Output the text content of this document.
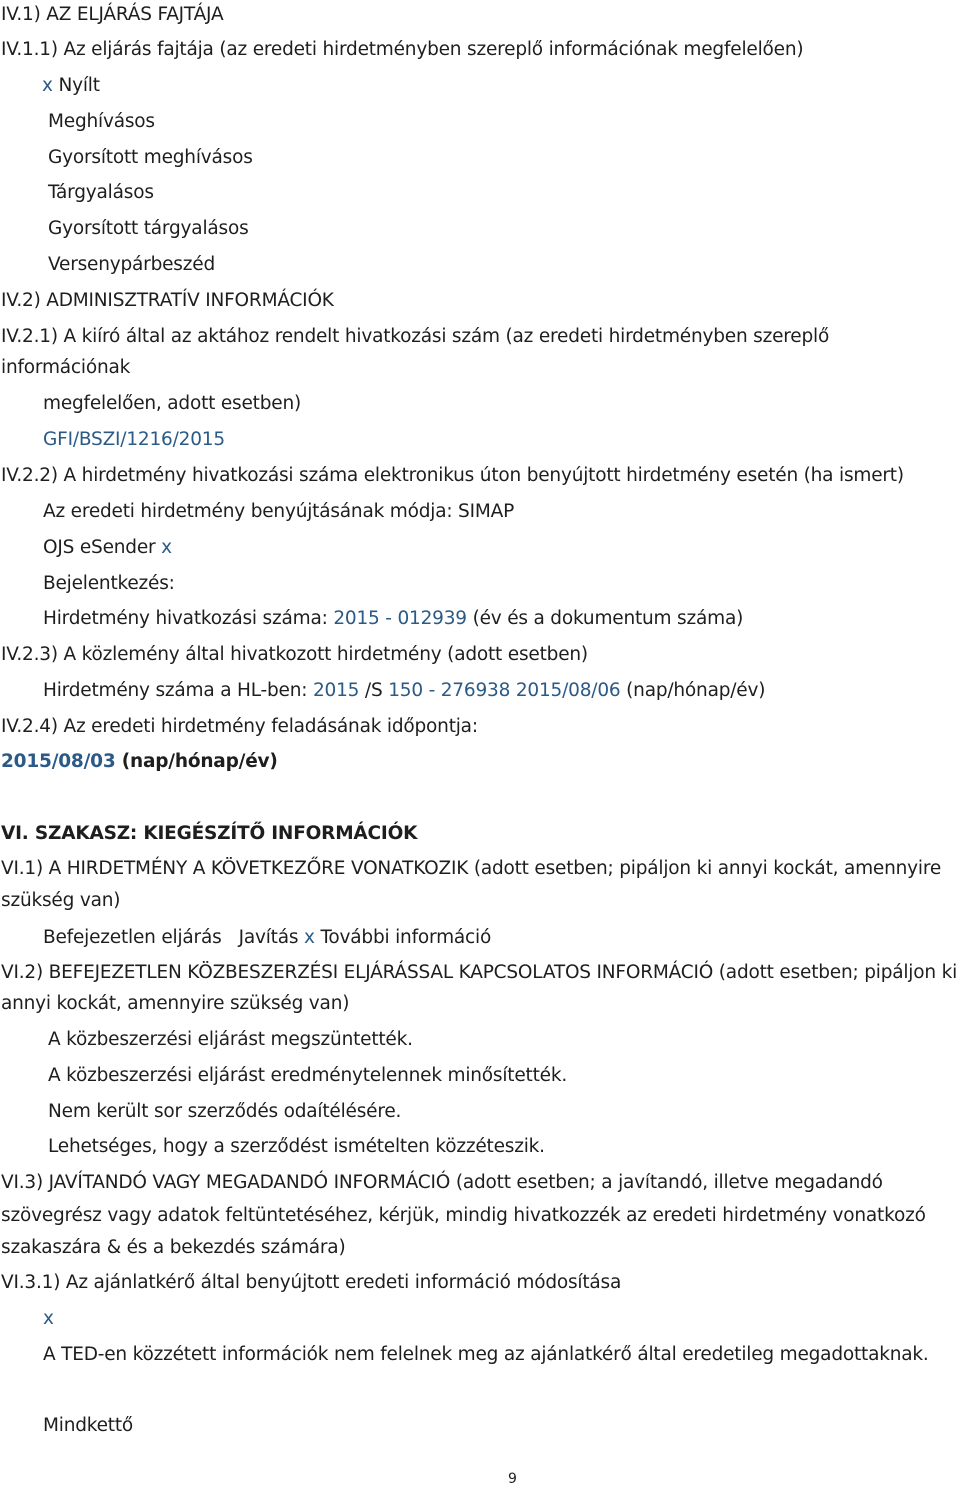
IV.1) AZ ELJÁRÁS FAJTÁJA
IV.1.1) Az eljárás fajtája (az eredeti hirdetményben szereplő információnak megfelelően)
x Nyílt
Meghívásos
Gyorsított meghívásos
Tárgyalásos
Gyorsított tárgyalásos
Versenypárbeszéd
IV.2) ADMINISZTRATÍV INFORMÁCIÓK
IV.2.1) A kiíró által az aktához rendelt hivatkozási szám (az eredeti hirdetményben szereplő
információnak
megfelelően, adott esetben)
GFI/BSZI/1216/2015
IV.2.2) A hirdetmény hivatkozási száma elektronikus úton benyújtott hirdetmény esetén (ha ismert)
Az eredeti hirdetmény benyújtásának módja: SIMAP
OJS eSender x
Bejelentkezés:
Hirdetmény hivatkozási száma: 2015 - 012939 (év és a dokumentum száma)
IV.2.3) A közlemény által hivatkozott hirdetmény (adott esetben)
Hirdetmény száma a HL-ben: 2015 /S 150 - 276938 2015/08/06 (nap/hónap/év)
IV.2.4) Az eredeti hirdetmény feladásának időpontja:
2015/08/03 (nap/hónap/év)
VI. SZAKASZ: KIEGÉSZÍTŐ INFORMÁCIÓK
VI.1) A HIRDETMÉNY A KÖVETKEZŐRE VONATKOZIK (adott esetben; pipáljon ki annyi kockát, amennyire
szükség van)
Befejezetlen eljárás Javítás x További információ
VI.2) BEFEJEZETLEN KÖZBESZERZÉSI ELJÁRÁSSAL KAPCSOLATOS INFORMÁCIÓ (adott esetben; pipáljon ki
annyi kockát, amennyire szükség van)
A közbeszerzési eljárást megszüntették.
A közbeszerzési eljárást eredménytelennek minősítették.
Nem került sor szerződés odaítélésére.
Lehetséges, hogy a szerződést ismételten közzéteszik.
VI.3) JAVÍTANDÓ VAGY MEGADANDÓ INFORMÁCIÓ (adott esetben; a javítandó, illetve megadandó
szövegrész vagy adatok feltüntetéséhez, kérjük, mindig hivatkozzék az eredeti hirdetmény vonatkozó
szakaszára & és a bekezdés számára)
VI.3.1) Az ajánlatkérő által benyújtott eredeti információ módosítása
x
A TED-en közzétett információk nem felelnek meg az ajánlatkérő által eredetileg megadottaknak.
Mindkettő
9
